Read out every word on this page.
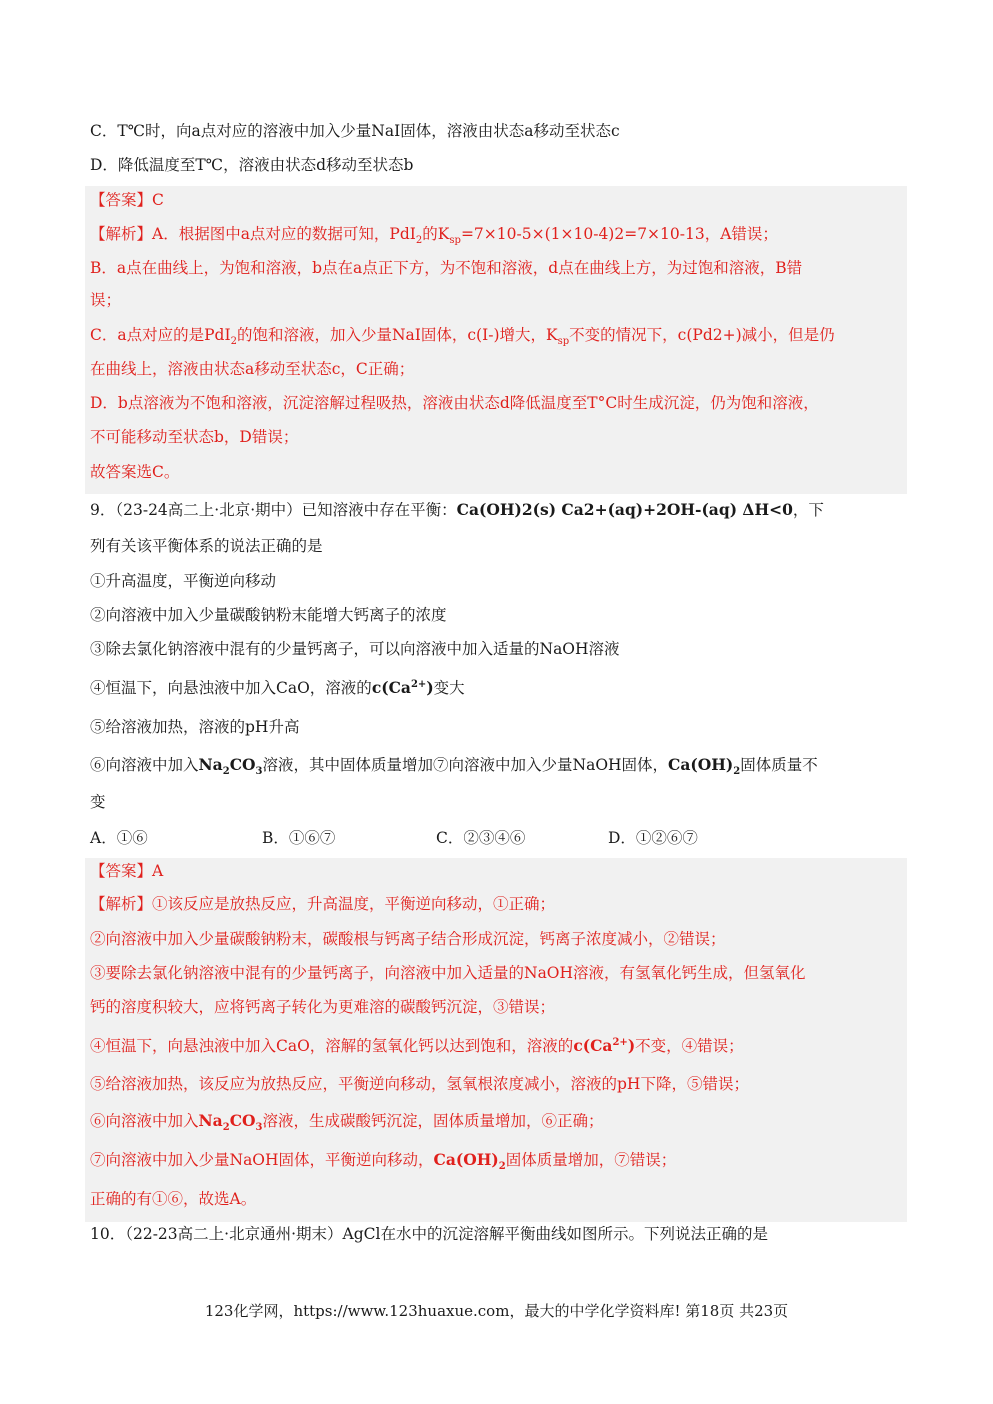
C．T℃时，向a点对应的溶液中加入少量NaI固体，溶液由状态a移动至状态c
D．降低温度至T℃，溶液由状态d移动至状态b
【答案】C
【解析】A．根据图中a点对应的数据可知，PdI$_2$的$K_{sp}=7\times 10-5\times(1\times 10-4)2=7\times 10-13$，A错误；
B．a点在曲线上，为饱和溶液，b点在a点正下方，为不饱和溶液，d点在曲线上方，为过饱和溶液，B错
误；
C．a点对应的是PdI$_2$的饱和溶液，加入少量NaI固体，c(I-)增大，$K_{sp}$不变的情况下，c(Pd2+)减小，但是仍
在曲线上，溶液由状态a移动至状态c，C正确；
D．b点溶液为不饱和溶液，沉淀溶解过程吸热，溶液由状态d降低温度至T°C时生成沉淀，仍为饱和溶液，
不可能移动至状态b，D错误；
故答案选C。
9．（23-24高二上·北京·期中）已知溶液中存在平衡：Ca(OH)2(s) Ca2+(aq)+2OH-(aq) ΔH<0，下
列有关该平衡体系的说法正确的是
①升高温度，平衡逆向移动
②向溶液中加入少量碳酸钠粉末能增大钙离子的浓度
③除去氯化钠溶液中混有的少量钙离子，可以向溶液中加入适量的NaOH溶液
④恒温下，向悬浊液中加入CaO，溶液的$c(Ca^{2+})$变大
⑤给溶液加热，溶液的pH升高
⑥向溶液中加入$Na_2CO_3$溶液，其中固体质量增加⑦向溶液中加入少量NaOH固体，$Ca(OH)_2$固体质量不
变
A．①⑥	B．①⑥⑦	C．②③④⑥	D．①②⑥⑦
【答案】A
【解析】①该反应是放热反应，升高温度，平衡逆向移动，①正确；
②向溶液中加入少量碳酸钠粉末，碳酸根与钙离子结合形成沉淀，钙离子浓度减小，②错误；
③要除去氯化钠溶液中混有的少量钙离子，向溶液中加入适量的NaOH溶液，有氢氧化钙生成，但氢氧化
钙的溶度积较大，应将钙离子转化为更难溶的碳酸钙沉淀，③错误；
④恒温下，向悬浊液中加入CaO，溶解的氢氧化钙以达到饱和，溶液的$c(Ca^{2+})$不变，④错误；
⑤给溶液加热，该反应为放热反应，平衡逆向移动，氢氧根浓度减小，溶液的pH下降，⑤错误；
⑥向溶液中加入$Na_2CO_3$溶液，生成碳酸钙沉淀，固体质量增加，⑥正确；
⑦向溶液中加入少量NaOH固体，平衡逆向移动，$Ca(OH)_2$固体质量增加，⑦错误；
正确的有①⑥，故选A。
10．（22-23高二上·北京通州·期末）AgCl在水中的沉淀溶解平衡曲线如图所示。下列说法正确的是
123化学网，https://www.123huaxue.com，最大的中学化学资料库! 第18页 共23页
